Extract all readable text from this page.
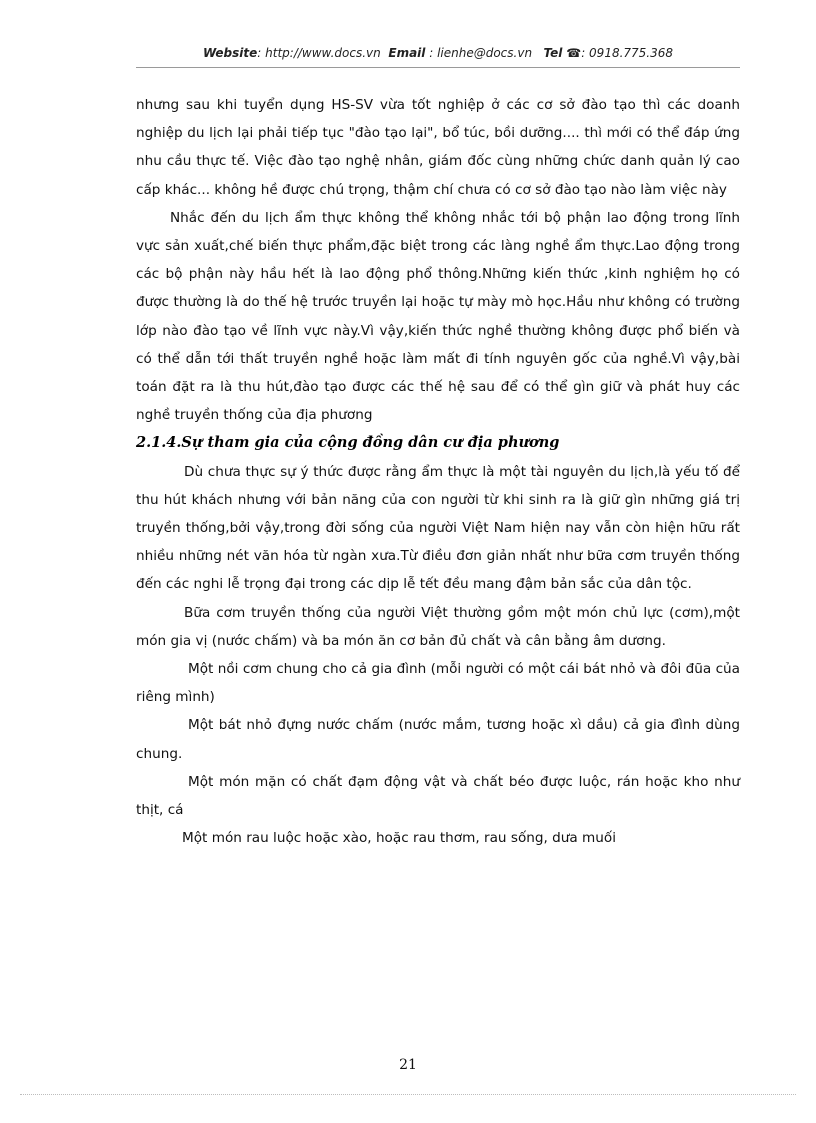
Website: http://www.docs.vn Email : lienhe@docs.vn Tel ☎: 0918.775.368

nhưng sau khi tuyển dụng HS-SV vừa tốt nghiệp ở các cơ sở đào tạo thì các doanh nghiệp du lịch lại phải tiếp tục "đào tạo lại", bổ túc, bồi dưỡng.... thì mới có thể đáp ứng nhu cầu thực tế. Việc đào tạo nghệ nhân, giám đốc cùng những chức danh quản lý cao cấp khác... không hề được chú trọng, thậm chí chưa có cơ sở đào tạo nào làm việc này

Nhắc đến du lịch ẩm thực không thể không nhắc tới bộ phận lao động trong lĩnh vực sản xuất,chế biến thực phẩm,đặc biệt trong các làng nghề ẩm thực.Lao động trong các bộ phận này hầu hết là lao động phổ thông.Những kiến thức ,kinh nghiệm họ có được thường là do thế hệ trước truyền lại hoặc tự mày mò học.Hầu như không có trường lớp nào đào tạo về lĩnh vực này.Vì vậy,kiến thức nghề thường không được phổ biến và có thể dẫn tới thất truyền nghề hoặc làm mất đi tính nguyên gốc của nghề.Vì vậy,bài toán đặt ra là thu hút,đào tạo được các thế hệ sau để có thể gìn giữ và phát huy các nghề truyền thống của địa phương

2.1.4.Sự tham gia của cộng đồng dân cư địa phương

Dù chưa thực sự ý thức được rằng ẩm thực là một tài nguyên du lịch,là yếu tố để thu hút khách nhưng với bản năng của con người từ khi sinh ra là giữ gìn những giá trị truyền thống,bởi vậy,trong đời sống của người Việt Nam hiện nay vẫn còn hiện hữu rất nhiều những nét văn hóa từ ngàn xưa.Từ điều đơn giản nhất như bữa cơm truyền thống đến các nghi lễ trọng đại trong các dịp lễ tết đều mang đậm bản sắc của dân tộc.

Bữa cơm truyền thống của người Việt thường gồm một món chủ lực (cơm),một món gia vị (nước chấm) và ba món ăn cơ bản đủ chất và cân bằng âm dương.

Một nồi cơm chung cho cả gia đình (mỗi người có một cái bát nhỏ và đôi đũa của riêng mình)

Một bát nhỏ đựng nước chấm (nước mắm, tương hoặc xì dầu) cả gia đình dùng chung.

Một món mặn có chất đạm động vật và chất béo được luộc, rán hoặc kho như thịt, cá

Một món rau luộc hoặc xào, hoặc rau thơm, rau sống, dưa muối

21
